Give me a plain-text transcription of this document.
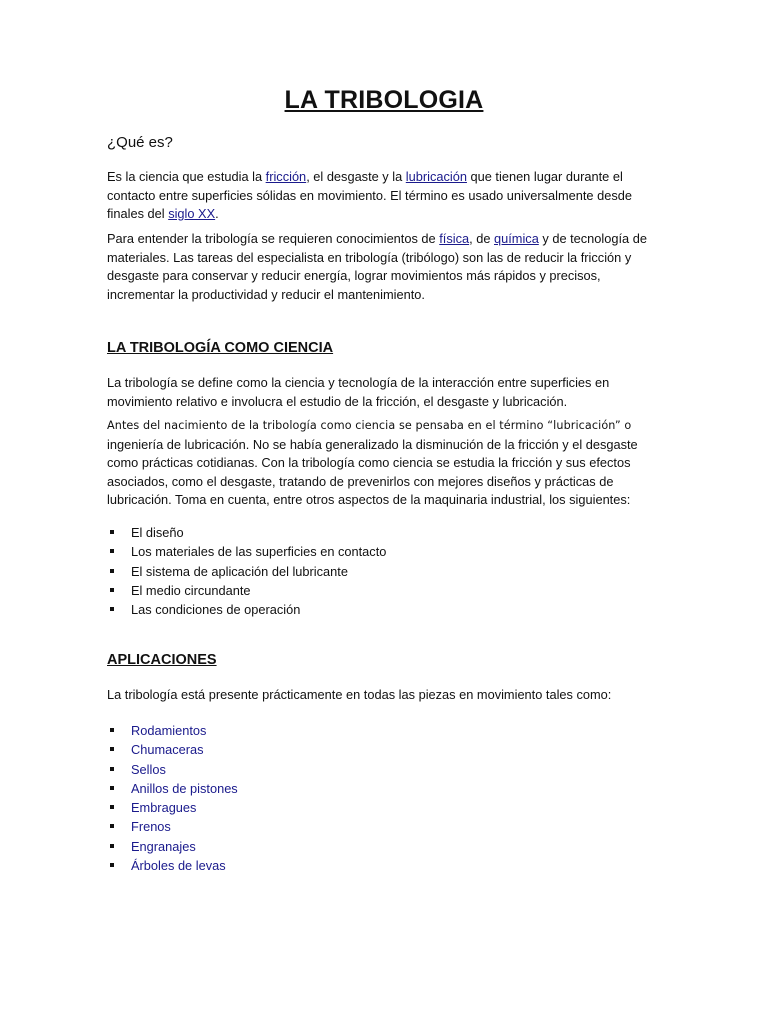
LA TRIBOLOGIA
¿Qué es?

Es la ciencia que estudia la fricción, el desgaste y la lubricación que tienen lugar durante el contacto entre superficies sólidas en movimiento. El término es usado universalmente desde finales del siglo XX.

Para entender la tribología se requieren conocimientos de física, de química y de tecnología de materiales. Las tareas del especialista en tribología (tribólogo) son las de reducir la fricción y desgaste para conservar y reducir energía, lograr movimientos más rápidos y precisos, incrementar la productividad y reducir el mantenimiento.

LA TRIBOLOGÍA COMO CIENCIA

La tribología se define como la ciencia y tecnología de la interacción entre superficies en movimiento relativo e involucra el estudio de la fricción, el desgaste y lubricación.

Antes del nacimiento de la tribología como ciencia se pensaba en el término “lubricación” o ingeniería de lubricación. No se había generalizado la disminución de la fricción y el desgaste como prácticas cotidianas. Con la tribología como ciencia se estudia la fricción y sus efectos asociados, como el desgaste, tratando de prevenirlos con mejores diseños y prácticas de lubricación. Toma en cuenta, entre otros aspectos de la maquinaria industrial, los siguientes:

El diseño
Los materiales de las superficies en contacto
El sistema de aplicación del lubricante
El medio circundante
Las condiciones de operación
APLICACIONES

La tribología está presente prácticamente en todas las piezas en movimiento tales como:

Rodamientos
Chumaceras
Sellos
Anillos de pistones
Embragues
Frenos
Engranajes
Árboles de levas
